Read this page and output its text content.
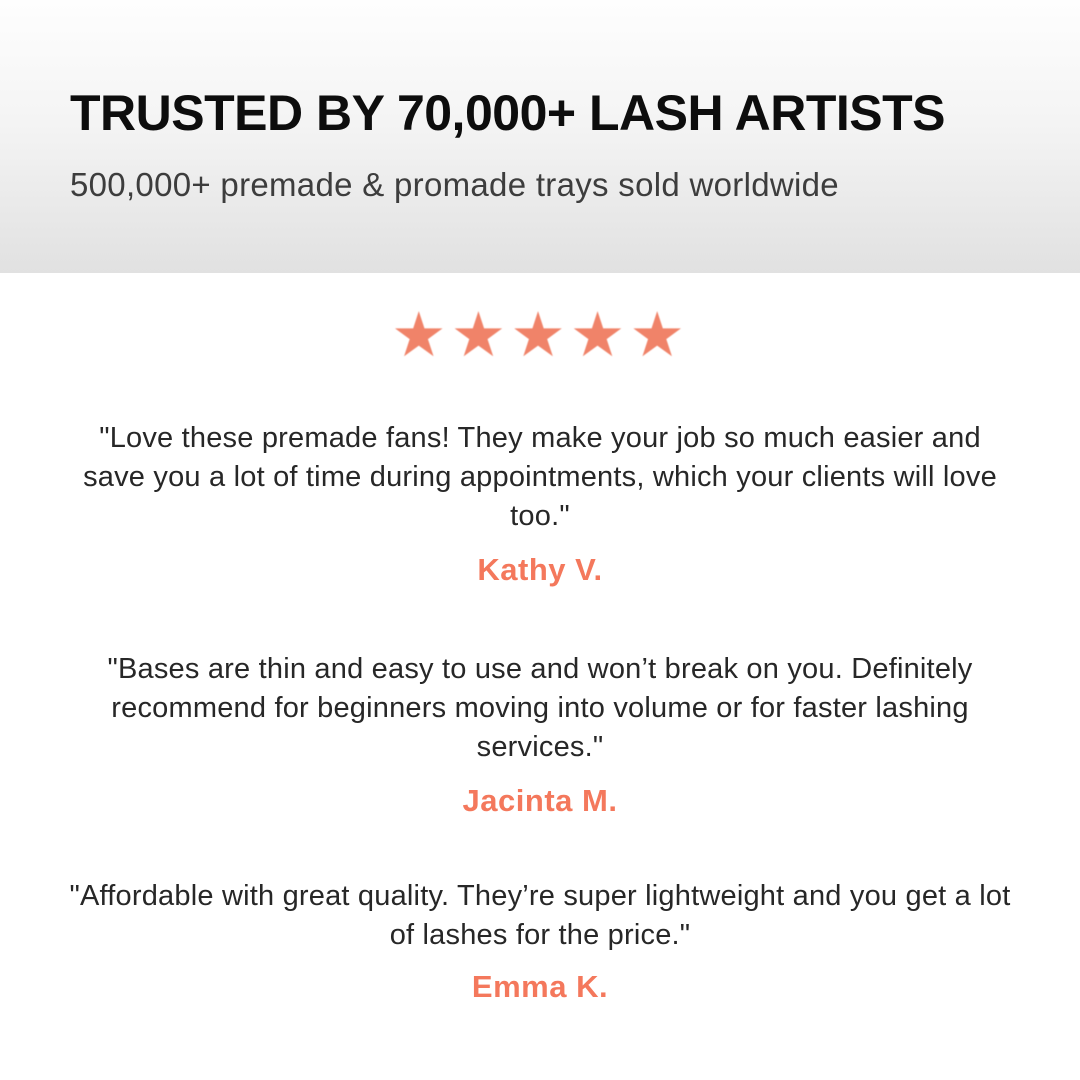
TRUSTED BY 70,000+ LASH ARTISTS
500,000+ premade & promade trays sold worldwide
★★★★★
"Love these premade fans! They make your job so much easier and save you a lot of time during appointments, which your clients will love too."
Kathy V.
"Bases are thin and easy to use and won’t break on you. Definitely recommend for beginners moving into volume or for faster lashing services."
Jacinta M.
"Affordable with great quality. They’re super lightweight and you get a lot of lashes for the price."
Emma K.
